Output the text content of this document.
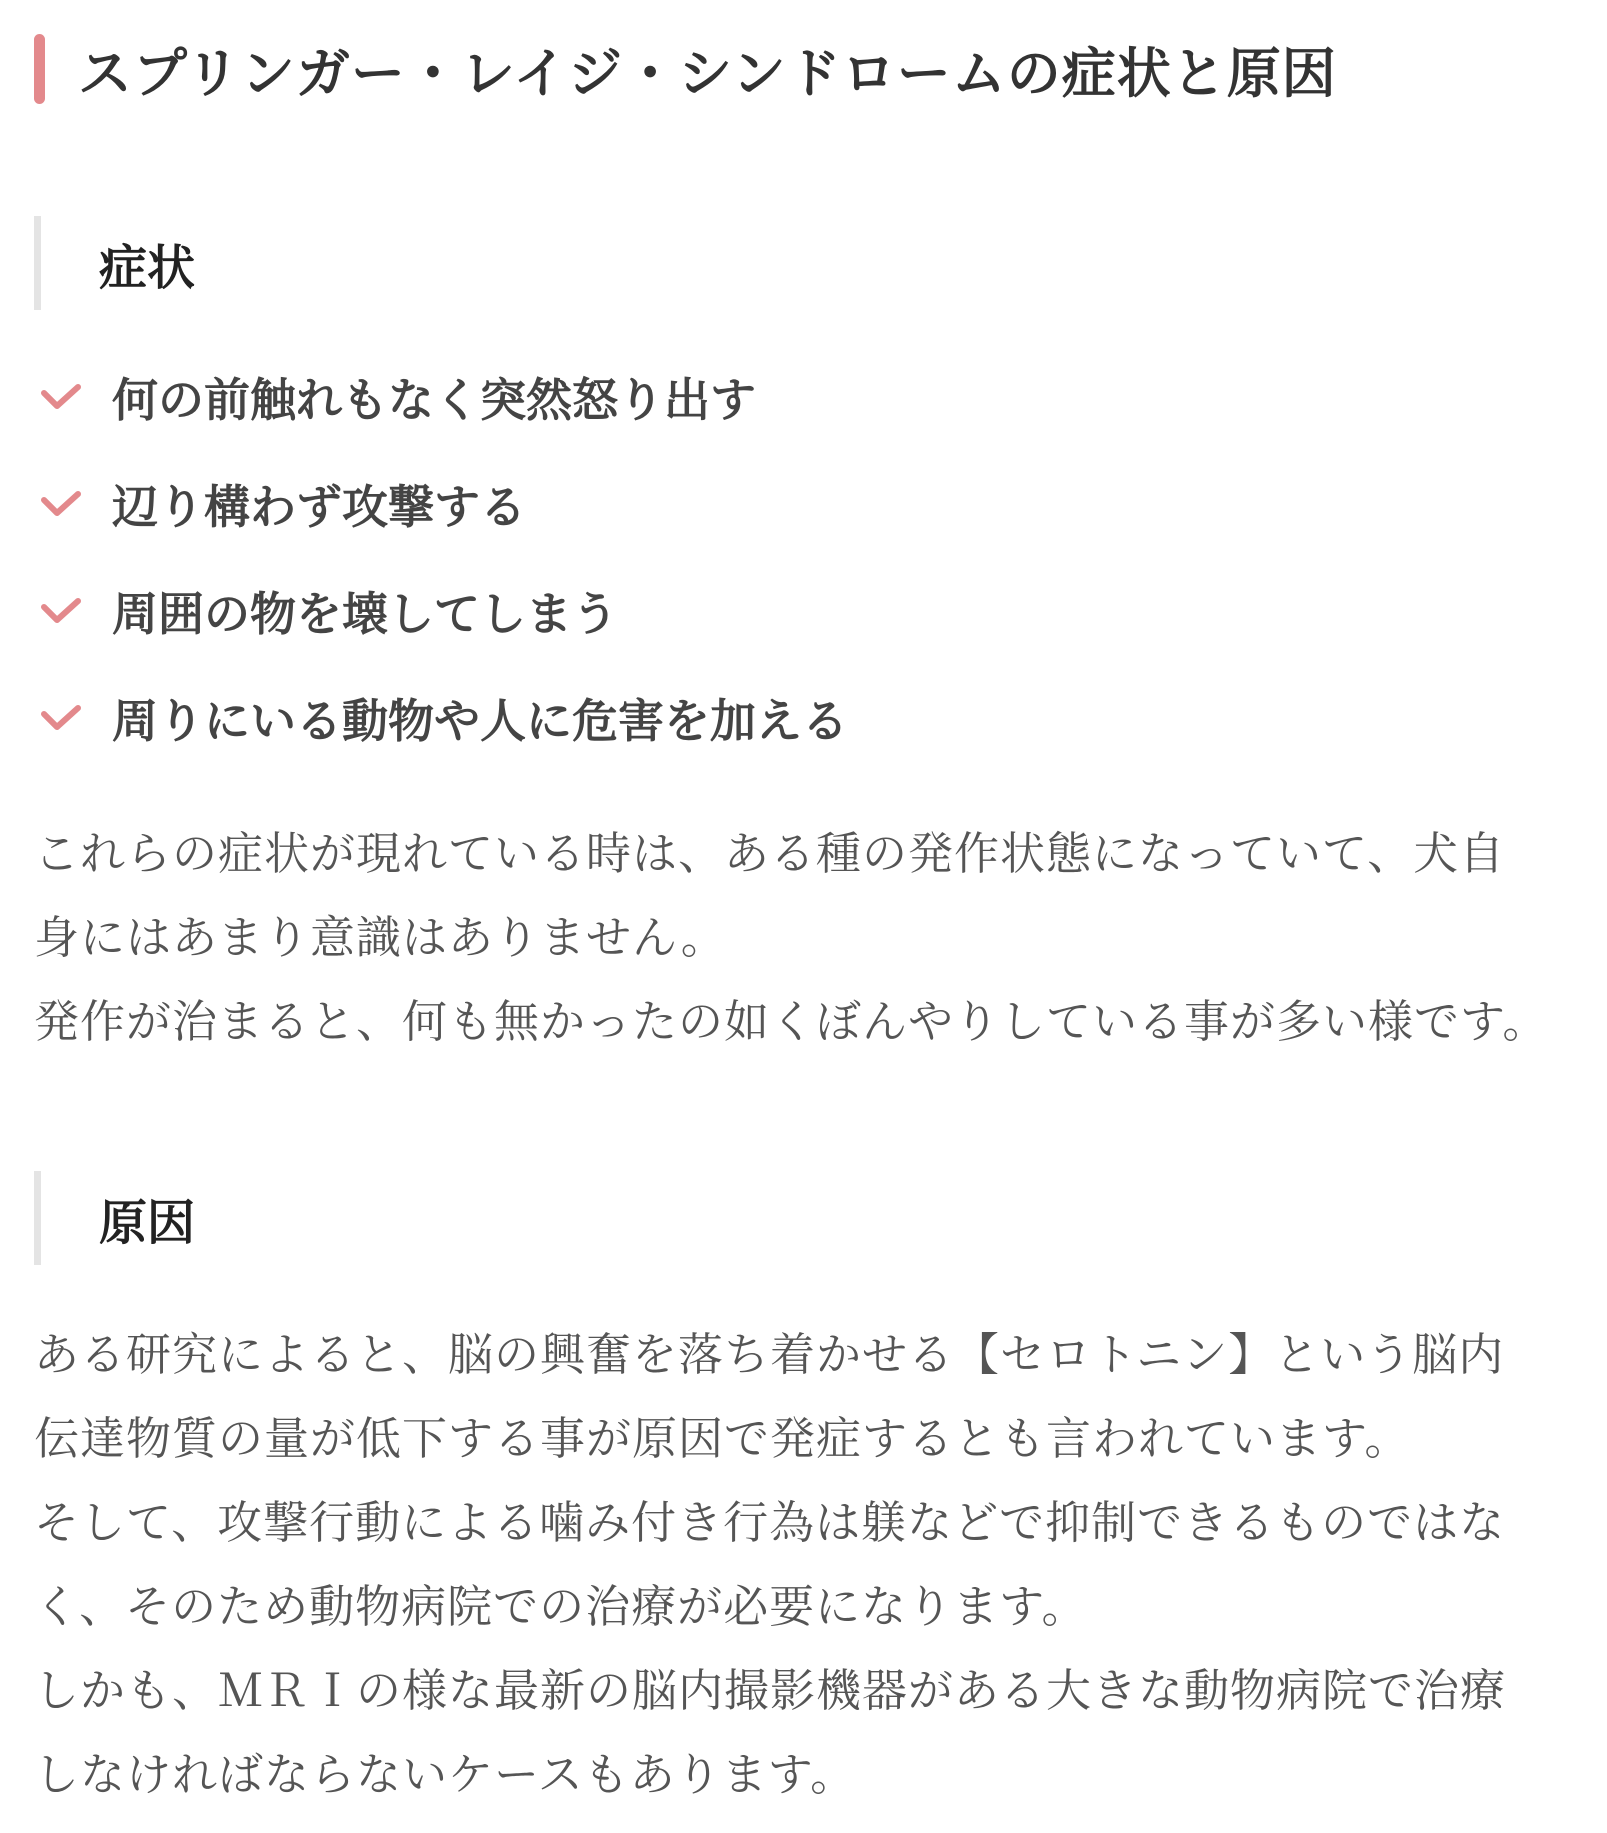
スプリンガー・レイジ・シンドロームの症状と原因
症状
何の前触れもなく突然怒り出す
辺り構わず攻撃する
周囲の物を壊してしまう
周りにいる動物や人に危害を加える

これらの症状が現れている時は、ある種の発作状態になっていて、犬自
身にはあまり意識はありません。
発作が治まると、何も無かったの如くぼんやりしている事が多い様です。

原因

ある研究によると、脳の興奮を落ち着かせる【セロトニン】という脳内
伝達物質の量が低下する事が原因で発症するとも言われています。
そして、攻撃行動による噛み付き行為は躾などで抑制できるものではな
く、そのため動物病院での治療が必要になります。
しかも、ＭＲＩの様な最新の脳内撮影機器がある大きな動物病院で治療
しなければならないケースもあります。
